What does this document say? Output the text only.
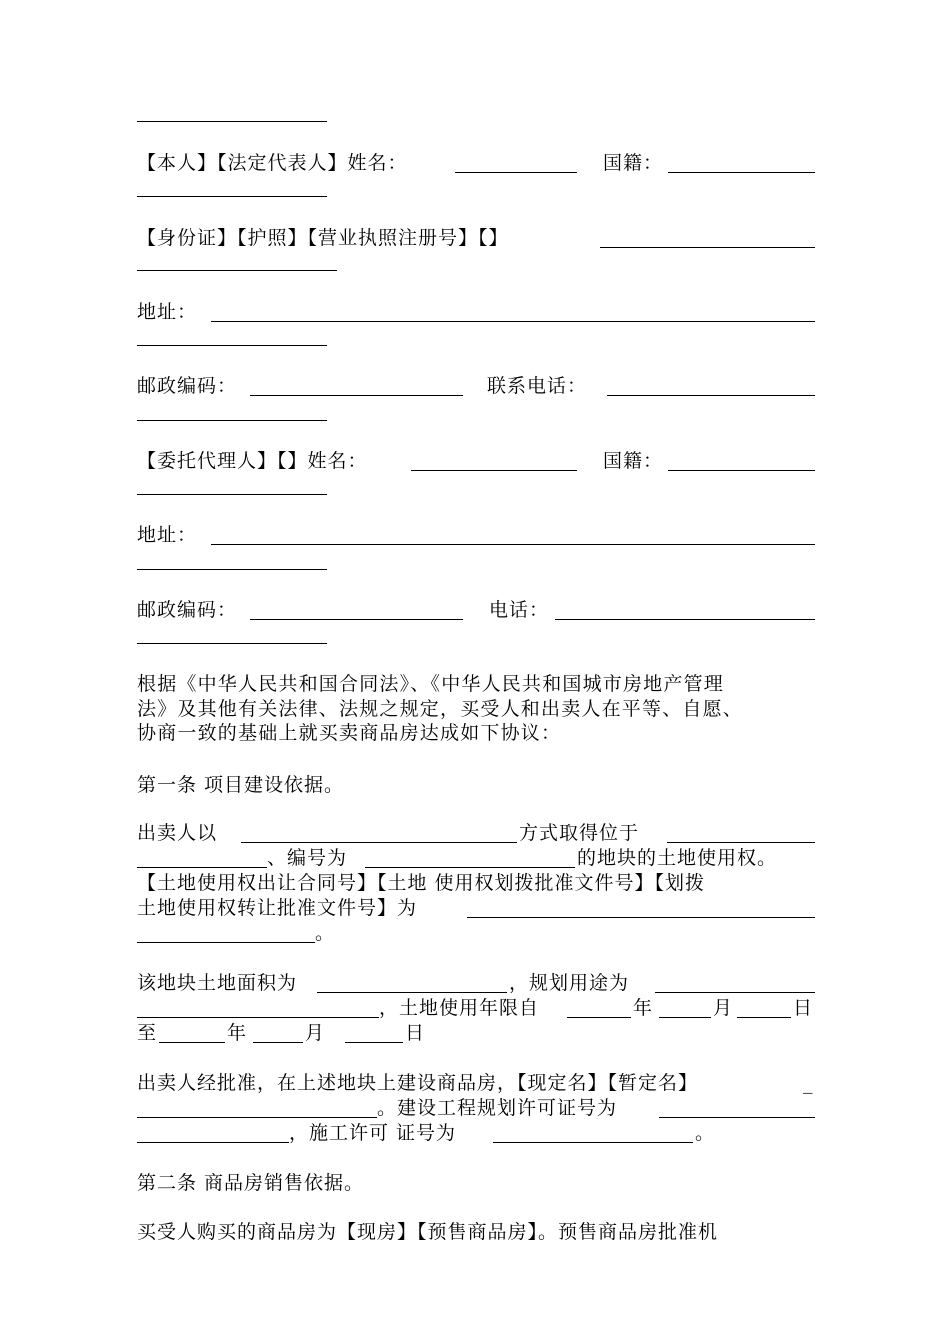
【本人】【法定代表人】姓名：	国籍：
【身份证】【护照】【营业执照注册号】【】
地址：
邮政编码：	联系电话：
【委托代理人】【】姓名：	国籍：
地址：
邮政编码：	电话：
根据《中华人民共和国合同法》、《中华人民共和国城市房地产管理
法》及其他有关法律、法规之规定，买受人和出卖人在平等、自愿、
协商一致的基础上就买卖商品房达成如下协议：
第一条 项目建设依据。
出卖人以	方式取得位于
、编号为	的地块的土地使用权。
【土地使用权出让合同号】【土地 使用权划拨批准文件号】【划拨
土地使用权转让批准文件号】为
。
该地块土地面积为	，规划用途为
，土地使用年限自	年	月	日
至	年	月	日
出卖人经批准，在上述地块上建设商品房，【现定名】【暂定名】	_
。建设工程规划许可证号为
，施工许可 证号为	。
第二条 商品房销售依据。
买受人购买的商品房为【现房】【预售商品房】。预售商品房批准机
